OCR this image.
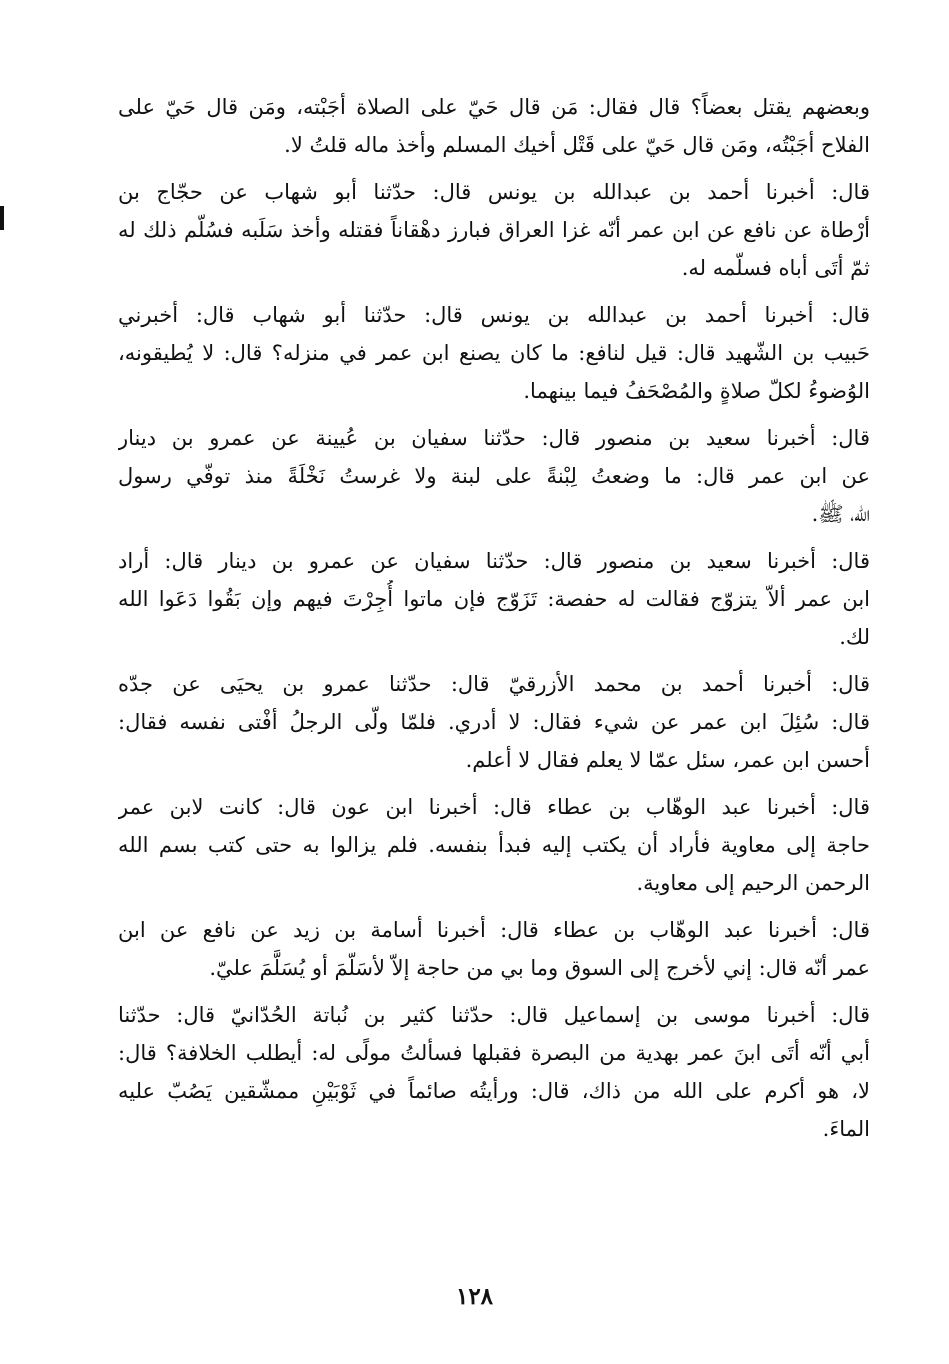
وبعضهم يقتل بعضاً؟ قال فقال: مَن قال حَيّ على الصلاة أجَبْته، ومَن قال حَيّ على
الفلاح أجَبْتُه، ومَن قال حَيّ على قَتْل أخيك المسلم وأخذ ماله قلتُ لا.
قال: أخبرنا أحمد بن عبدالله بن يونس قال: حدّثنا أبو شهاب عن حجّاج بن
أرْطاة عن نافع عن ابن عمر أنّه غزا العراق فبارز دهْقاناً فقتله وأخذ سَلَبه فسُلّم ذلك له
ثمّ أتَى أباه فسلّمه له.
قال: أخبرنا أحمد بن عبدالله بن يونس قال: حدّثنا أبو شهاب قال: أخبرني
حَبيب بن الشّهيد قال: قيل لنافع: ما كان يصنع ابن عمر في منزله؟ قال: لا يُطيقونه،
الوُضوءُ لكلّ صلاةٍ والمُصْحَفُ فيما بينهما.
قال: أخبرنا سعيد بن منصور قال: حدّثنا سفيان بن عُيينة عن عمرو بن دينار
عن ابن عمر قال: ما وضعتُ لِبْنةً على لبنة ولا غرستُ نَخْلَةً منذ توفّي رسول
الله، ﷺ.
قال: أخبرنا سعيد بن منصور قال: حدّثنا سفيان عن عمرو بن دينار قال: أراد
ابن عمر ألاّ يتزوّج فقالت له حفصة: تَزَوّج فإن ماتوا أُجِرْتَ فيهم وإن بَقُوا دَعَوا الله
لك.
قال: أخبرنا أحمد بن محمد الأزرقيّ قال: حدّثنا عمرو بن يحيَى عن جدّه
قال: سُئِلَ ابن عمر عن شيء فقال: لا أدري. فلمّا ولّى الرجلُ أفْتى نفسه فقال:
أحسن ابن عمر، سئل عمّا لا يعلم فقال لا أعلم.
قال: أخبرنا عبد الوهّاب بن عطاء قال: أخبرنا ابن عون قال: كانت لابن عمر
حاجة إلى معاوية فأراد أن يكتب إليه فبدأ بنفسه. فلم يزالوا به حتى كتب بسم الله
الرحمن الرحيم إلى معاوية.
قال: أخبرنا عبد الوهّاب بن عطاء قال: أخبرنا أسامة بن زيد عن نافع عن ابن
عمر أنّه قال: إني لأخرج إلى السوق وما بي من حاجة إلاّ لأسَلّمَ أو يُسَلَّمَ عليّ.
قال: أخبرنا موسى بن إسماعيل قال: حدّثنا كثير بن نُباتة الحُدّانيّ قال: حدّثنا
أبي أنّه أتَى ابنَ عمر بهدية من البصرة فقبلها فسألتُ مولًى له: أيطلب الخلافة؟ قال:
لا، هو أكرم على الله من ذاك، قال: ورأيتُه صائماً في ثَوْبَيْنِ ممشّقين يَصُبّ عليه
الماءَ.
١٢٨
